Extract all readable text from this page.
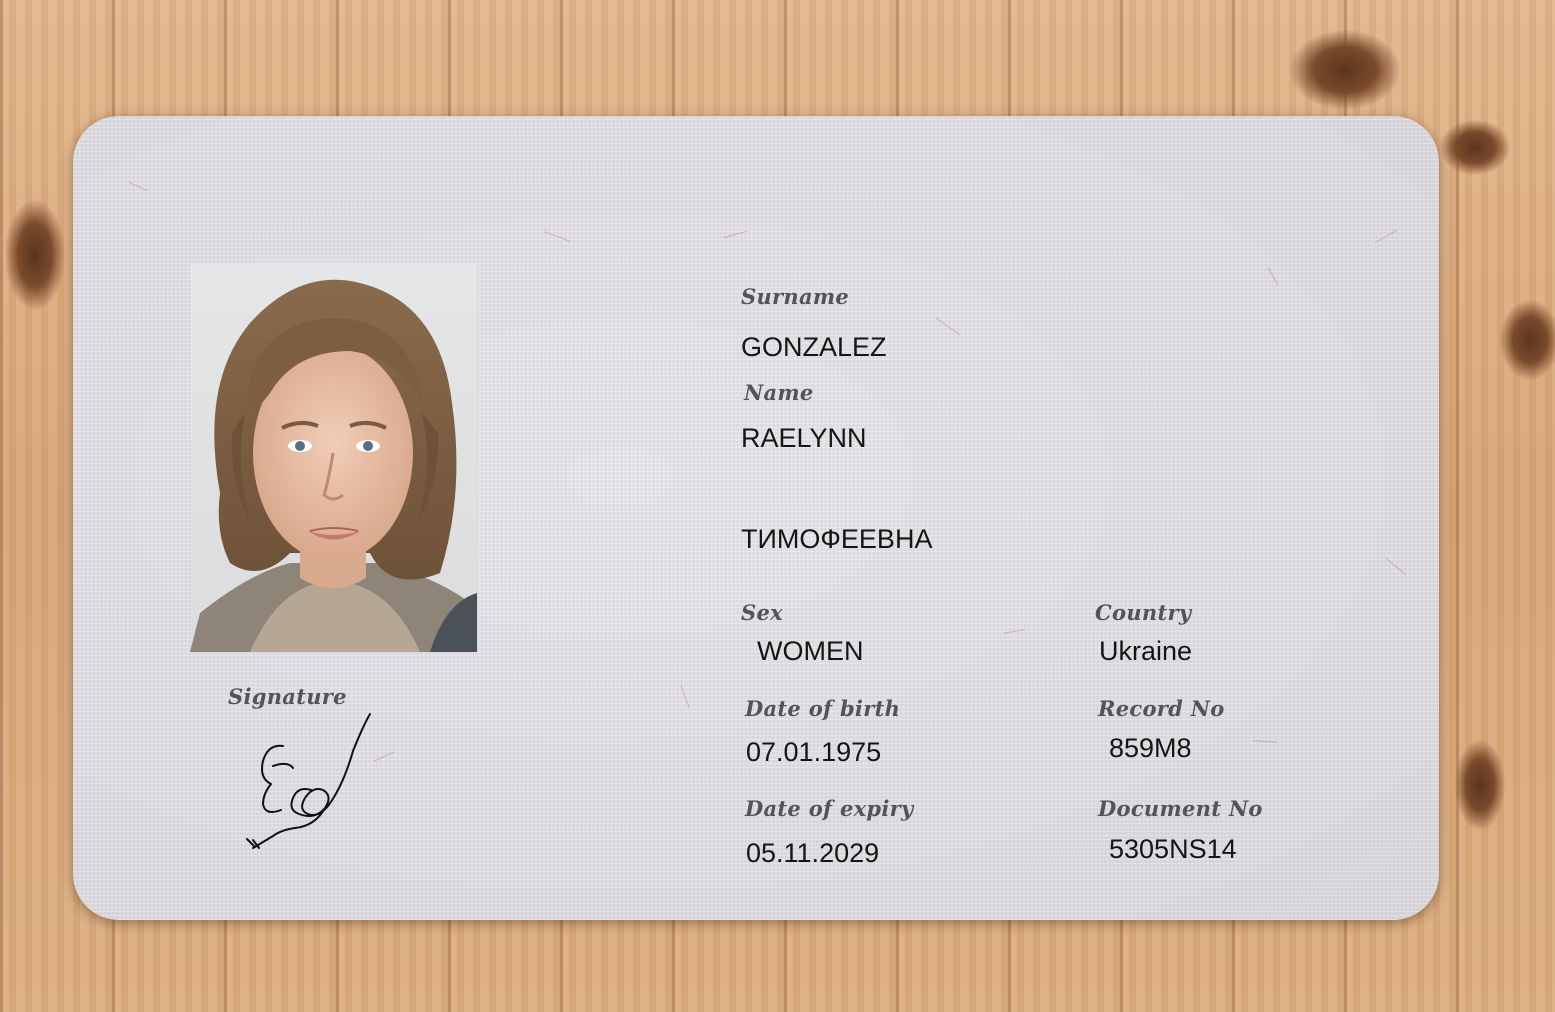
Signature
Surname
GONZALEZ
Name
RAELYNN
ТИМОФЕЕВНА
Sex
WOMEN
Date of birth
07.01.1975
Date of expiry
05.11.2029
Country
Ukraine
Record No
859M8
Document No
5305NS14
